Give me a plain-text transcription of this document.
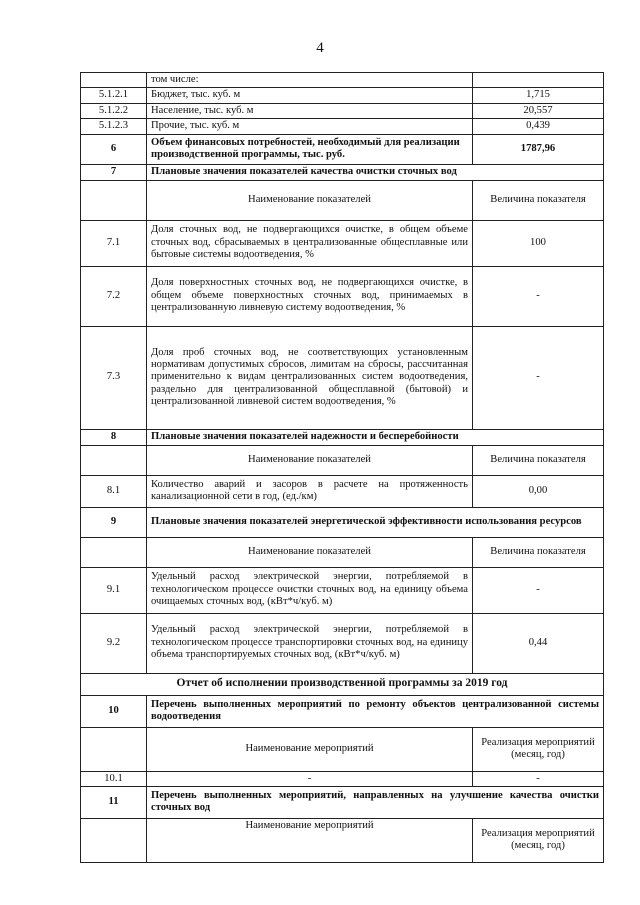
4
	том числе:	
5.1.2.1	Бюджет, тыс. куб. м	1,715
5.1.2.2	Население, тыс. куб. м	20,557
5.1.2.3	Прочие, тыс. куб. м	0,439
6	Объем финансовых потребностей, необходимый для реализации производственной программы, тыс. руб.	1787,96
7	Плановые значения показателей качества очистки сточных вод	
	Наименование показателей	Величина показателя
7.1	Доля сточных вод, не подвергающихся очистке, в общем объеме сточных вод, сбрасываемых в централизованные общесплавные или бытовые системы водоотведения, %	100
7.2	Доля поверхностных сточных вод, не подвергающихся очистке, в общем объеме поверхностных сточных вод, принимаемых в централизованную ливневую систему водоотведения, %	-
7.3	Доля проб сточных вод, не соответствующих установленным нормативам допустимых сбросов, лимитам на сбросы, рассчитанная применительно к видам централизованных систем водоотведения, раздельно для централизованной общесплавной (бытовой) и централизованной ливневой систем водоотведения, %	-
8	Плановые значения показателей надежности и бесперебойности	
	Наименование показателей	Величина показателя
8.1	Количество аварий и засоров в расчете на протяженность канализационной сети в год, (ед./км)	0,00
9	Плановые значения показателей энергетической эффективности использования ресурсов	
	Наименование показателей	Величина показателя
9.1	Удельный расход электрической энергии, потребляемой в технологическом процессе очистки сточных вод, на единицу объема очищаемых сточных вод, (кВт*ч/куб. м)	-
9.2	Удельный расход электрической энергии, потребляемой в технологическом процессе транспортировки сточных вод, на единицу объема транспортируемых сточных вод, (кВт*ч/куб. м)	0,44
Отчет об исполнении производственной программы за 2019 год		
10	Перечень выполненных мероприятий по ремонту объектов централизованной системы водоотведения	
	Наименование мероприятий	Реализация мероприятий (месяц, год)
10.1	-	-
11	Перечень выполненных мероприятий, направленных на улучшение качества очистки сточных вод	
	Наименование мероприятий	Реализация мероприятий (месяц, год)
